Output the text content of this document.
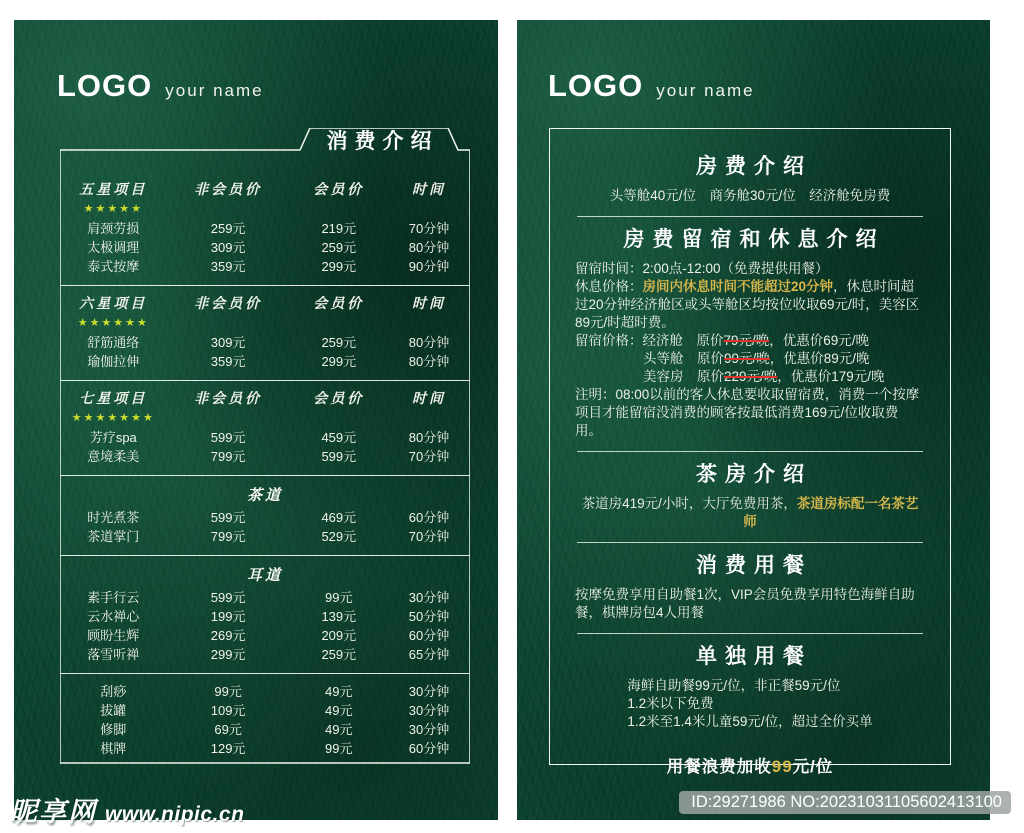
LOGO your name
消费介绍
五星项目	非会员价	会员价	时间
★★★★★
肩颈劳损	259元	219元	70分钟
太极调理	309元	259元	80分钟
泰式按摩	359元	299元	90分钟
六星项目	非会员价	会员价	时间
★★★★★★
舒筋通络	309元	259元	80分钟
瑜伽拉伸	359元	299元	80分钟
七星项目	非会员价	会员价	时间
★★★★★★★
芳疗spa	599元	459元	80分钟
意境柔美	799元	599元	70分钟
茶道
时光煮茶	599元	469元	60分钟
茶道掌门	799元	529元	70分钟
耳道
素手行云	599元	99元	30分钟
云水禅心	199元	139元	50分钟
顾盼生辉	269元	209元	60分钟
落雪听禅	299元	259元	65分钟
刮痧	99元	49元	30分钟
拔罐	109元	49元	30分钟
修脚	69元	49元	30分钟
棋牌	129元	99元	60分钟
LOGO your name
房费介绍
头等舱40元/位　商务舱30元/位　经济舱免房费
房费留宿和休息介绍
留宿时间：2:00点-12:00（免费提供用餐）
休息价格：房间内休息时间不能超过20分钟，休息时间超过20分钟经济舱区或头等舱区均按位收取69元/时，美容区89元/时超时费。
留宿价格：经济舱　原价79元/晚，优惠价69元/晚
头等舱　原价99元/晚，优惠价89元/晚
美容房　原价229元/晚，优惠价179元/晚
注明：08:00以前的客人休息要收取留宿费，消费一个按摩项目才能留宿没消费的顾客按最低消费169元/位收取费用。
茶房介绍
茶道房419元/小时，大厅免费用茶，茶道房标配一名茶艺师
消费用餐
按摩免费享用自助餐1次，VIP会员免费享用特色海鲜自助餐，棋牌房包4人用餐
单独用餐
海鲜自助餐99元/位，非正餐59元/位
1.2米以下免费
1.2米至1.4米儿童59元/位，超过全价买单
用餐浪费加收99元/位
昵享网 www.nipic.cn
ID:29271986 NO:20231031105602413100
